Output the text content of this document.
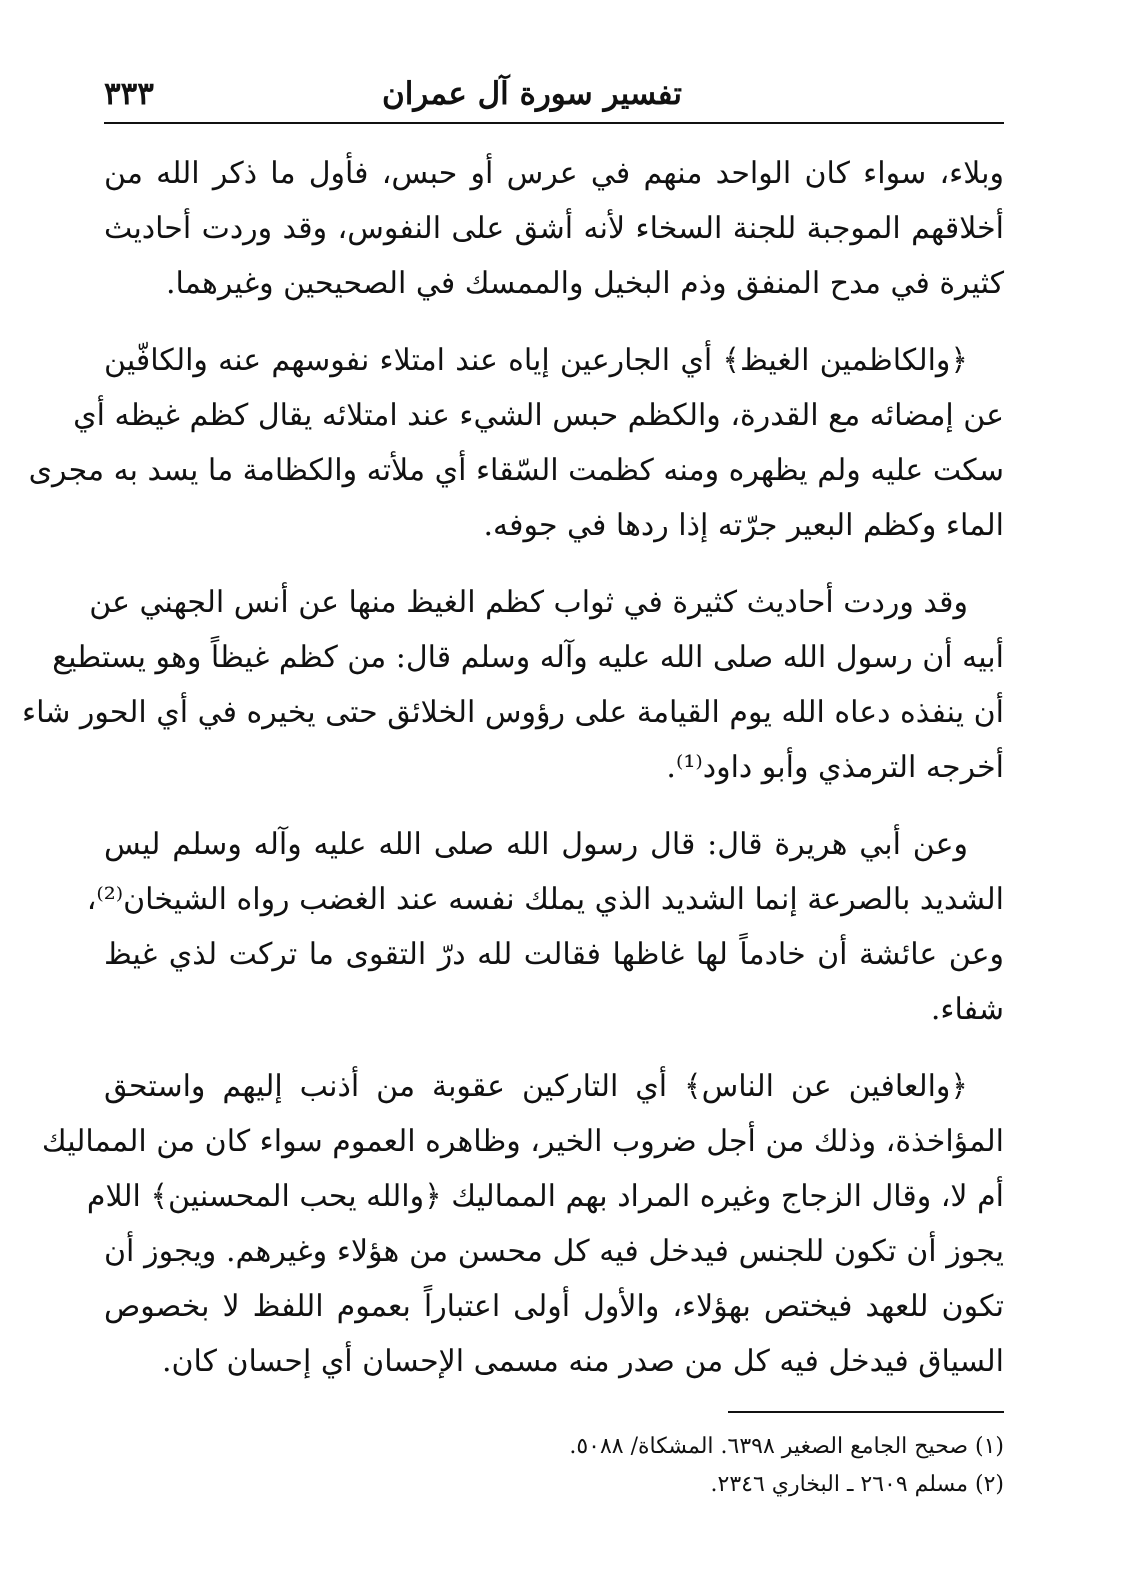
تفسير سورة آل عمران
٣٣٣

وبلاء، سواء كان الواحد منهم في عرس أو حبس، فأول ما ذكر الله من
أخلاقهم الموجبة للجنة السخاء لأنه أشق على النفوس، وقد وردت أحاديث
كثيرة في مدح المنفق وذم البخيل والممسك في الصحيحين وغيرهما.

﴿والكاظمين الغيظ﴾ أي الجارعين إياه عند امتلاء نفوسهم عنه والكافّين
عن إمضائه مع القدرة، والكظم حبس الشيء عند امتلائه يقال كظم غيظه أي
سكت عليه ولم يظهره ومنه كظمت السّقاء أي ملأته والكظامة ما يسد به مجرى
الماء وكظم البعير جرّته إذا ردها في جوفه.

وقد وردت أحاديث كثيرة في ثواب كظم الغيظ منها عن أنس الجهني عن
أبيه أن رسول الله صلى الله عليه وآله وسلم قال: من كظم غيظاً وهو يستطيع
أن ينفذه دعاه الله يوم القيامة على رؤوس الخلائق حتى يخيره في أي الحور شاء
أخرجه الترمذي وأبو داود⁽¹⁾.

وعن أبي هريرة قال: قال رسول الله صلى الله عليه وآله وسلم ليس
الشديد بالصرعة إنما الشديد الذي يملك نفسه عند الغضب رواه الشيخان⁽²⁾،
وعن عائشة أن خادماً لها غاظها فقالت لله درّ التقوى ما تركت لذي غيظ
شفاء.

﴿والعافين عن الناس﴾ أي التاركين عقوبة من أذنب إليهم واستحق
المؤاخذة، وذلك من أجل ضروب الخير، وظاهره العموم سواء كان من المماليك
أم لا، وقال الزجاج وغيره المراد بهم المماليك ﴿والله يحب المحسنين﴾ اللام
يجوز أن تكون للجنس فيدخل فيه كل محسن من هؤلاء وغيرهم. ويجوز أن
تكون للعهد فيختص بهؤلاء، والأول أولى اعتباراً بعموم اللفظ لا بخصوص
السياق فيدخل فيه كل من صدر منه مسمى الإحسان أي إحسان كان.

(١) صحيح الجامع الصغير ٦٣٩٨. المشكاة/ ٥٠٨٨.
(٢) مسلم ٢٦٠٩ ـ البخاري ٢٣٤٦.
